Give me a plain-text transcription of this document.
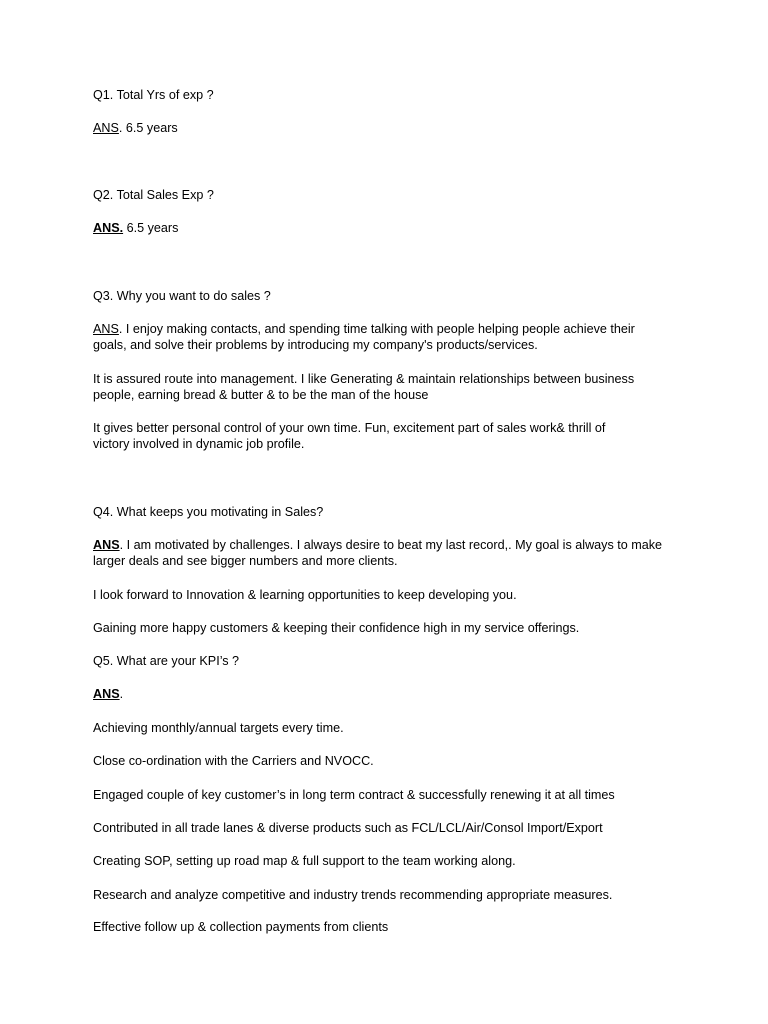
Q1. Total Yrs of exp ?
ANS. 6.5 years
Q2. Total Sales Exp ?
ANS. 6.5 years
Q3. Why you want to do sales ?
ANS. I enjoy making contacts, and spending time talking with people helping people achieve their
goals, and solve their problems by introducing my company's products/services.
It is assured route into management. I like Generating & maintain relationships between business
people, earning bread & butter & to be the man of the house
It gives better personal control of your own time. Fun, excitement part of sales work& thrill of
victory involved in dynamic job profile.
Q4. What keeps you motivating in Sales?
ANS. I am motivated by challenges. I always desire to beat my last record,. My goal is always to make
larger deals and see bigger numbers and more clients.
I look forward to Innovation & learning opportunities to keep developing you.
Gaining more happy customers & keeping their confidence high in my service offerings.
Q5. What are your KPI’s ?
ANS.
Achieving monthly/annual targets every time.
Close co-ordination with the Carriers and NVOCC.
Engaged couple of key customer’s in long term contract & successfully renewing it at all times
Contributed in all trade lanes & diverse products such as FCL/LCL/Air/Consol Import/Export
Creating SOP, setting up road map & full support to the team working along.
Research and analyze competitive and industry trends recommending appropriate measures.
Effective follow up & collection payments from clients
